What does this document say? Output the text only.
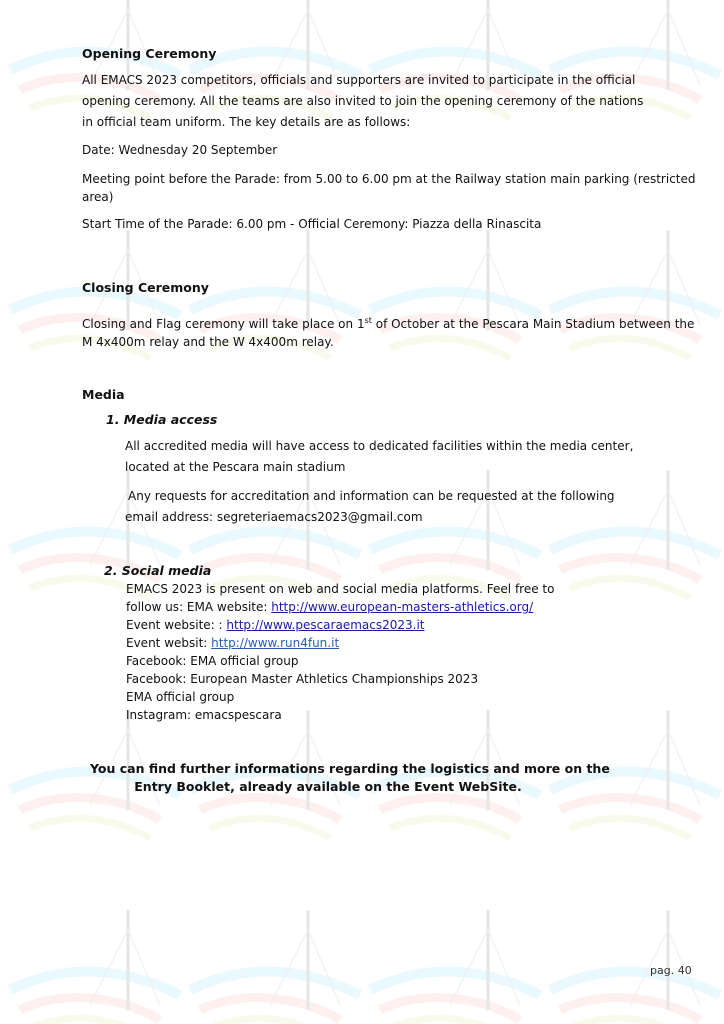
Opening Ceremony
All EMACS 2023 competitors, officials and supporters are invited to participate in the official
opening ceremony. All the teams are also invited to join the opening ceremony of the nations
in official team uniform. The key details are as follows:
Date: Wednesday 20 September
Meeting point before the Parade: from 5.00 to 6.00 pm at the Railway station main parking (restricted
area)
Start Time of the Parade: 6.00 pm - Official Ceremony: Piazza della Rinascita
Closing Ceremony
Closing and Flag ceremony will take place on 1st of October at the Pescara Main Stadium between the
M 4x400m relay and the W 4x400m relay.
Media
1. Media access
All accredited media will have access to dedicated facilities within the media center,
located at the Pescara main stadium
Any requests for accreditation and information can be requested at the following
email address: segreteriaemacs2023@gmail.com
2. Social media
EMACS 2023 is present on web and social media platforms. Feel free to
follow us: EMA website: http://www.european-masters-athletics.org/
Event website: : http://www.pescaraemacs2023.it
Event websit: http://www.run4fun.it
Facebook: EMA official group
Facebook: European Master Athletics Championships 2023
EMA official group
Instagram: emacspescara
You can find further informations regarding the logistics and more on the
Entry Booklet, already available on the Event WebSite.
pag. 40
